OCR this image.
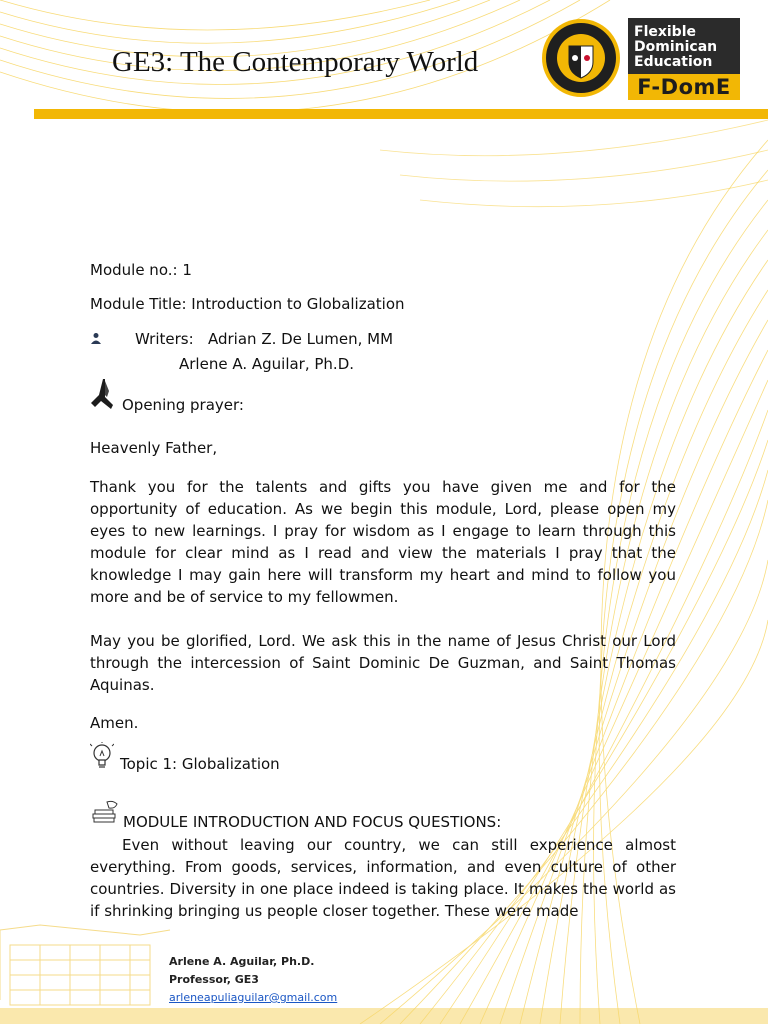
GE3: The Contemporary World
Flexible
Dominican
Education
F-DomE
Module no.: 1
Module Title: Introduction to Globalization
Writers: Adrian Z. De Lumen, MM
Arlene A. Aguilar, Ph.D.
Opening prayer:
Heavenly Father,

Thank you for the talents and gifts you have given me and for the opportunity of education. As we begin this module, Lord, please open my eyes to new learnings. I pray for wisdom as I engage to learn through this module for clear mind as I read and view the materials I pray that the knowledge I may gain here will transform my heart and mind to follow you more and be of service to my fellowmen.

May you be glorified, Lord. We ask this in the name of Jesus Christ our Lord through the intercession of Saint Dominic De Guzman, and Saint Thomas Aquinas.

Amen.
Topic 1: Globalization
MODULE INTRODUCTION AND FOCUS QUESTIONS:

Even without leaving our country, we can still experience almost everything. From goods, services, information, and even culture of other countries. Diversity in one place indeed is taking place. It makes the world as if shrinking bringing us people closer together. These were made

Arlene A. Aguilar, Ph.D.
Professor, GE3
arleneapuliaguilar@gmail.com
